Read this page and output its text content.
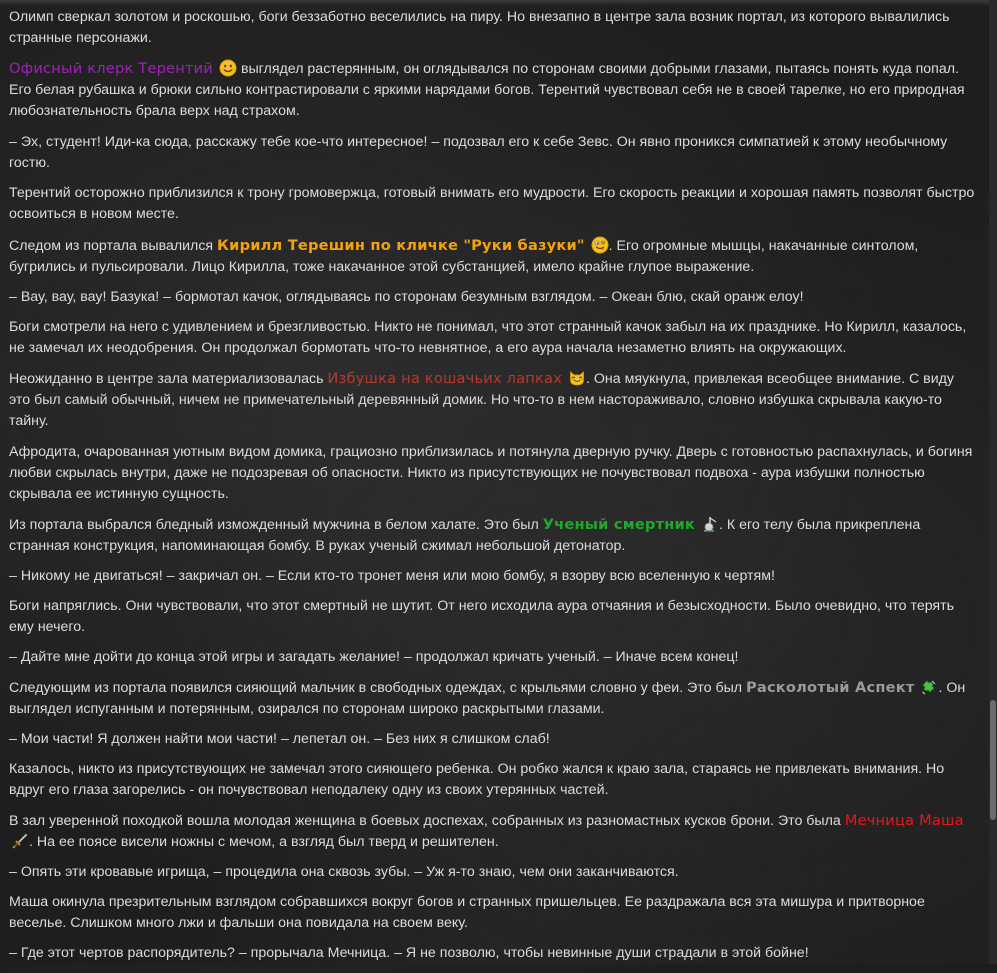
Олимп сверкал золотом и роскошью, боги беззаботно веселились на пиру. Но внезапно в центре зала возник портал, из которого вывалились странные персонажи.

Офисный клерк Терентий
выглядел растерянным, он оглядывался по сторонам своими добрыми глазами, пытаясь понять куда попал. Его белая рубашка и брюки сильно контрастировали с яркими нарядами богов. Терентий чувствовал себя не в своей тарелке, но его природная любознательность брала верх над страхом.

– Эх, студент! Иди-ка сюда, расскажу тебе кое-что интересное! – подозвал его к себе Зевс. Он явно проникся симпатией к этому необычному гостю.

Терентий осторожно приблизился к трону громовержца, готовый внимать его мудрости. Его скорость реакции и хорошая память позволят быстро освоиться в новом месте.

Следом из портала вывалился Кирилл Терешин по кличке "Руки базуки" . Его огромные мышцы, накачанные синтолом, бугрились и пульсировали. Лицо Кирилла, тоже накачанное этой субстанцией, имело крайне глупое выражение.

– Вау, вау, вау! Базука! – бормотал качок, оглядываясь по сторонам безумным взглядом. – Океан блю, скай оранж елоу!

Боги смотрели на него с удивлением и брезгливостью. Никто не понимал, что этот странный качок забыл на их празднике. Но Кирилл, казалось, не замечал их неодобрения. Он продолжал бормотать что-то невнятное, а его аура начала незаметно влиять на окружающих.

Неожиданно в центре зала материализовалась Избушка на кошачьих лапках . Она мяукнула, привлекая всеобщее внимание. С виду это был самый обычный, ничем не примечательный деревянный домик. Но что-то в нем настораживало, словно избушка скрывала какую-то тайну.

Афродита, очарованная уютным видом домика, грациозно приблизилась и потянула дверную ручку. Дверь с готовностью распахнулась, и богиня любви скрылась внутри, даже не подозревая об опасности. Никто из присутствующих не почувствовал подвоха - аура избушки полностью скрывала ее истинную сущность.

Из портала выбрался бледный изможденный мужчина в белом халате. Это был Ученый смертник . К его телу была прикреплена странная конструкция, напоминающая бомбу. В руках ученый сжимал небольшой детонатор.

– Никому не двигаться! – закричал он. – Если кто-то тронет меня или мою бомбу, я взорву всю вселенную к чертям!

Боги напряглись. Они чувствовали, что этот смертный не шутит. От него исходила аура отчаяния и безысходности. Было очевидно, что терять ему нечего.

– Дайте мне дойти до конца этой игры и загадать желание! – продолжал кричать ученый. – Иначе всем конец!

Следующим из портала появился сияющий мальчик в свободных одеждах, с крыльями словно у феи. Это был Расколотый Аспект . Он выглядел испуганным и потерянным, озирался по сторонам широко раскрытыми глазами.

– Мои части! Я должен найти мои части! – лепетал он. – Без них я слишком слаб!

Казалось, никто из присутствующих не замечал этого сияющего ребенка. Он робко жался к краю зала, стараясь не привлекать внимания. Но вдруг его глаза загорелись - он почувствовал неподалеку одну из своих утерянных частей.

В зал уверенной походкой вошла молодая женщина в боевых доспехах, собранных из разномастных кусков брони. Это была Мечница Маша
. На ее поясе висели ножны с мечом, а взгляд был тверд и решителен.

– Опять эти кровавые игрища, – процедила она сквозь зубы. – Уж я-то знаю, чем они заканчиваются.

Маша окинула презрительным взглядом собравшихся вокруг богов и странных пришельцев. Ее раздражала вся эта мишура и притворное веселье. Слишком много лжи и фальши она повидала на своем веку.

– Где этот чертов распорядитель? – прорычала Мечница. – Я не позволю, чтобы невинные души страдали в этой бойне!
